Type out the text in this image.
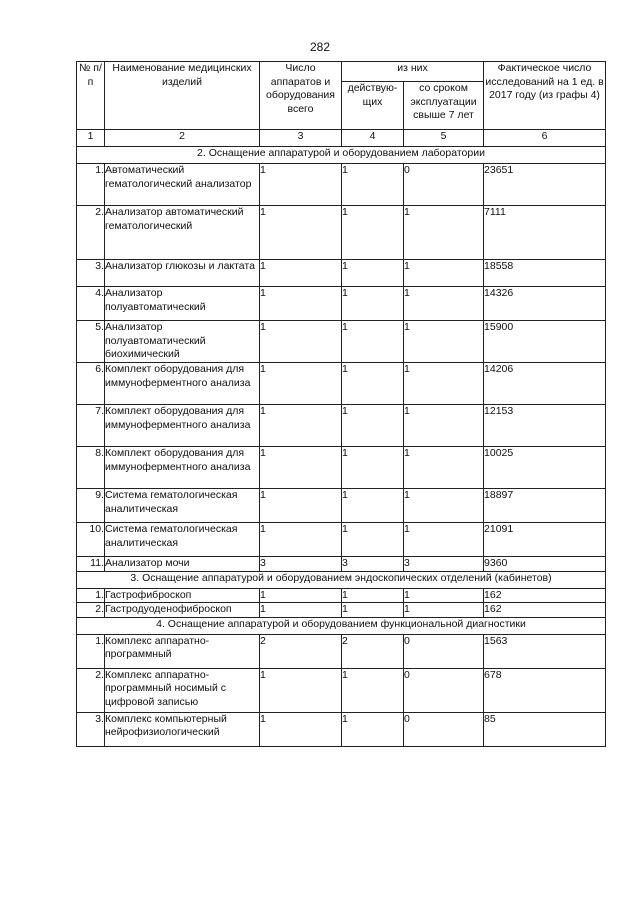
282
№ п/п	Наименование медицинских изделий	Число аппаратов и оборудования всего	из них		Фактическое число исследований на 1 ед. в 2017 году (из графы 4)
			действую-щих	со сроком эксплуатации свыше 7 лет	
1	2	3	4	5	6
2. Оснащение аппаратурой и оборудованием лаборатории					
1.	Автоматический гематологический анализатор	1	1	0	23651
2.	Анализатор автоматический гематологический	1	1	1	7111
3.	Анализатор глюкозы и лактата	1	1	1	18558
4.	Анализатор полуавтоматический	1	1	1	14326
5.	Анализатор полуавтоматический биохимический	1	1	1	15900
6.	Комплект оборудования для иммуноферментного анализа	1	1	1	14206
7.	Комплект оборудования для иммуноферментного анализа	1	1	1	12153
8.	Комплект оборудования для иммуноферментного анализа	1	1	1	10025
9.	Система гематологическая аналитическая	1	1	1	18897
10.	Система гематологическая аналитическая	1	1	1	21091
11.	Анализатор мочи	3	3	3	9360
3. Оснащение аппаратурой и оборудованием эндоскопических отделений (кабинетов)					
1.	Гастрофиброскоп	1	1	1	162
2.	Гастродуоденофиброскоп	1	1	1	162
4. Оснащение аппаратурой и оборудованием функциональной диагностики					
1.	Комплекс аппаратно-программный	2	2	0	1563
2.	Комплекс аппаратно-программный носимый с цифровой записью	1	1	0	678
3.	Комплекс компьютерный нейрофизиологический	1	1	0	85
